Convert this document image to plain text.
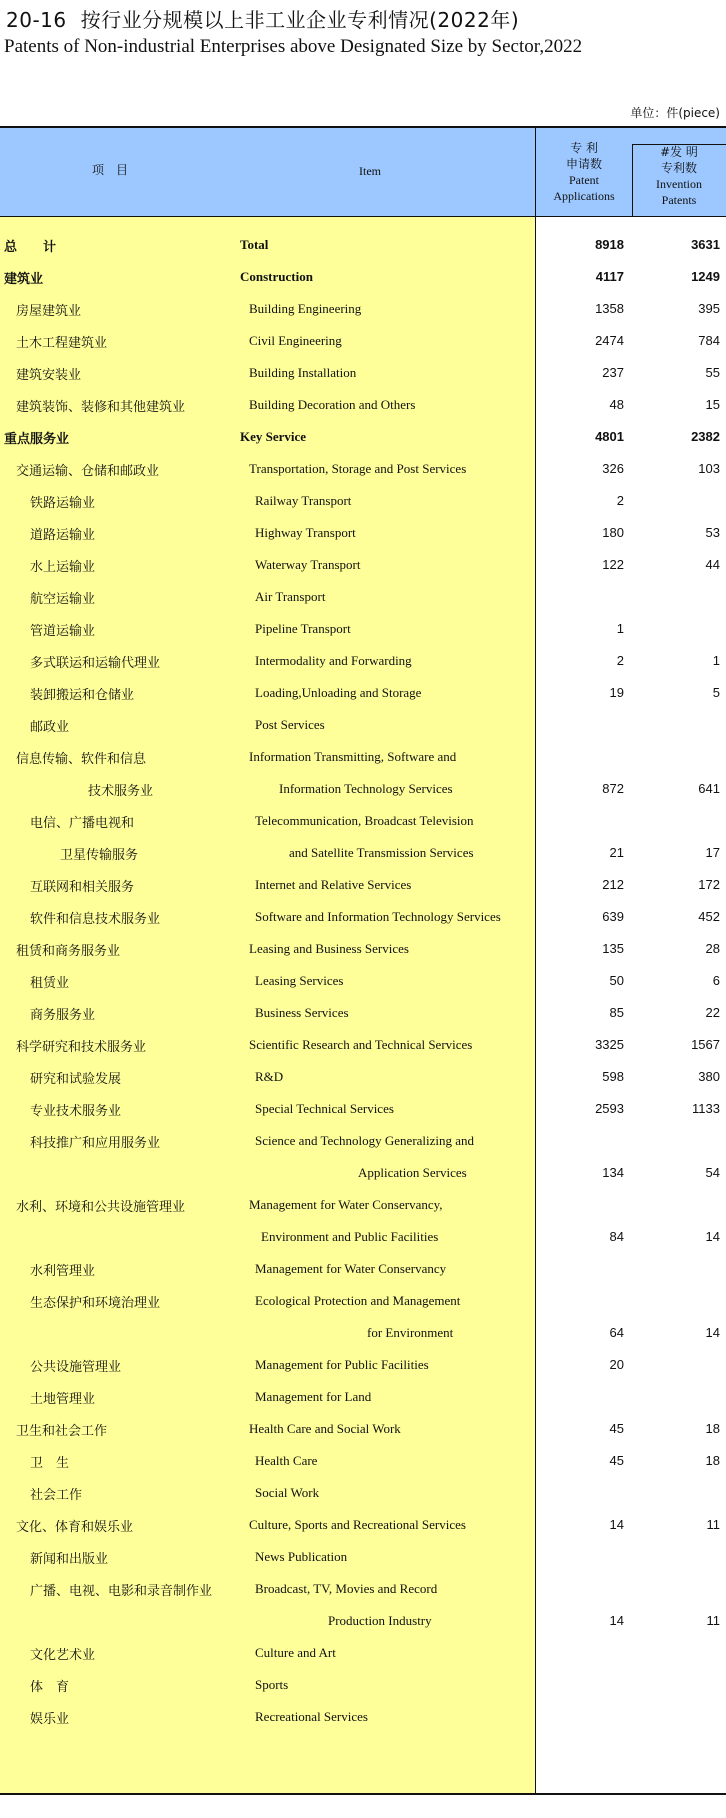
20-16 按行业分规模以上非工业企业专利情况(2022年)
Patents of Non-industrial Enterprises above Designated Size by Sector,2022
单位：件(piece)
项　目	Item
专 利
申请数
Patent
Applications
#发 明
专利数
Invention
Patents
总　　计	Total	8918	3631
建筑业	Construction	4117	1249
房屋建筑业	Building Engineering	1358	395
土木工程建筑业	Civil Engineering	2474	784
建筑安装业	Building Installation	237	55
建筑装饰、装修和其他建筑业	Building Decoration and Others	48	15
重点服务业	Key Service	4801	2382
交通运输、仓储和邮政业	Transportation, Storage and Post Services	326	103
铁路运输业	Railway Transport	2
道路运输业	Highway Transport	180	53
水上运输业	Waterway Transport	122	44
航空运输业	Air Transport
管道运输业	Pipeline Transport	1
多式联运和运输代理业	Intermodality and Forwarding	2	1
装卸搬运和仓储业	Loading,Unloading and Storage	19	5
邮政业	Post Services
信息传输、软件和信息	Information Transmitting, Software and
技术服务业	Information Technology Services	872	641
电信、广播电视和	Telecommunication, Broadcast Television
卫星传输服务	and Satellite Transmission Services	21	17
互联网和相关服务	Internet and Relative Services	212	172
软件和信息技术服务业	Software and Information Technology Services	639	452
租赁和商务服务业	Leasing and Business Services	135	28
租赁业	Leasing Services	50	6
商务服务业	Business Services	85	22
科学研究和技术服务业	Scientific Research and Technical Services	3325	1567
研究和试验发展	R&D	598	380
专业技术服务业	Special Technical Services	2593	1133
科技推广和应用服务业	Science and Technology Generalizing and
Application Services	134	54
水利、环境和公共设施管理业	Management for Water Conservancy,
Environment and Public Facilities	84	14
水利管理业	Management for Water Conservancy
生态保护和环境治理业	Ecological Protection and Management
for Environment	64	14
公共设施管理业	Management for Public Facilities	20
土地管理业	Management for Land
卫生和社会工作	Health Care and Social Work	45	18
卫　生	Health Care	45	18
社会工作	Social Work
文化、体育和娱乐业	Culture, Sports and Recreational Services	14	11
新闻和出版业	News Publication
广播、电视、电影和录音制作业	Broadcast, TV, Movies and Record
Production Industry	14	11
文化艺术业	Culture and Art
体　育	Sports
娱乐业	Recreational Services
